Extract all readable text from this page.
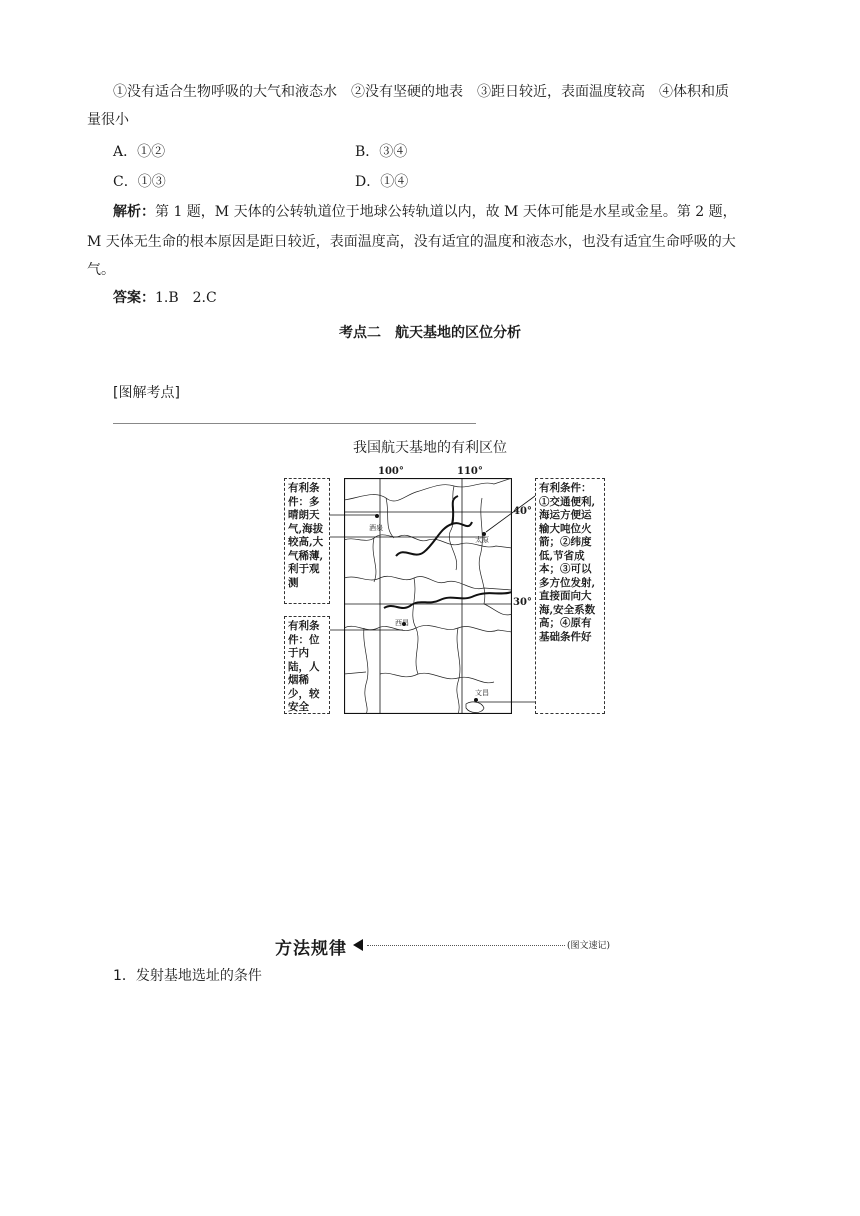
①没有适合生物呼吸的大气和液态水　②没有坚硬的地表　③距日较近，表面温度较高　④体积和质
量很小
A．①②	B．③④
C．①③	D．①④
解析：第 1 题，M 天体的公转轨道位于地球公转轨道以内，故 M 天体可能是水星或金星。第 2 题，
M 天体无生命的根本原因是距日较近，表面温度高，没有适宜的温度和液态水，也没有适宜生命呼吸的大
气。
答案：1.B 2.C
考点二　航天基地的区位分析
[图解考点]
我国航天基地的有利区位
100°	110°
酒泉
太原
西昌
文昌
40°
30°
有利条件：多晴朗天气,海拔较高,大气稀薄,利于观测
有利条件：位于内陆，人烟稀少，较安全
有利条件：①交通便利,海运方便运输大吨位火箭；②纬度低,节省成本；③可以多方位发射,直接面向大海,安全系数高；④原有基础条件好
方法规律	(图文速记)
1．发射基地选址的条件
